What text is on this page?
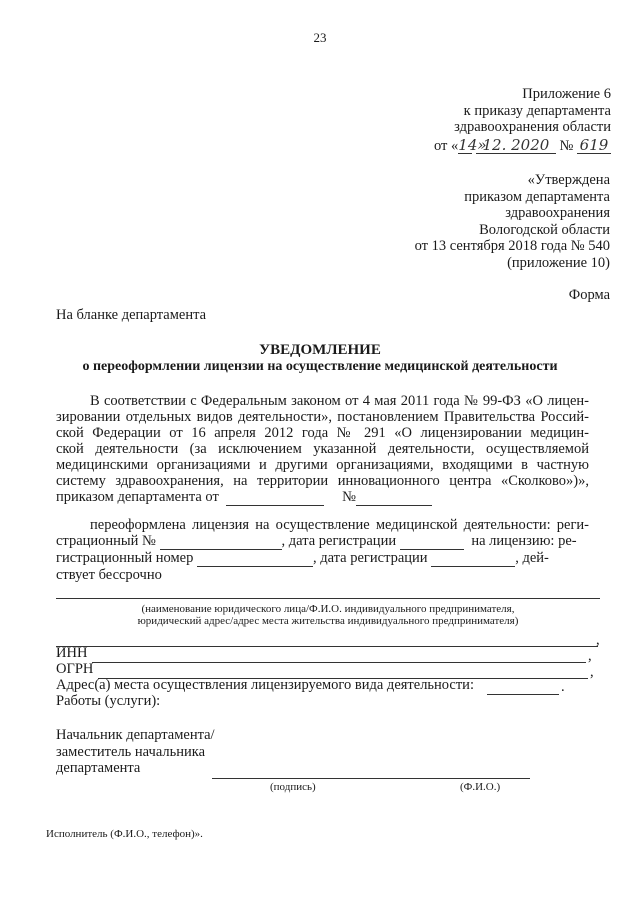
23
Приложение 6
к приказу департамента
здравоохранения области
от «14» 12. 2020 № 619
«Утверждена
приказом департамента
здравоохранения
Вологодской области
от 13 сентября 2018 года № 540
(приложение 10)
Форма
На бланке департамента
УВЕДОМЛЕНИЕ
о переоформлении лицензии на осуществление медицинской деятельности
В соответствии с Федеральным законом от 4 мая 2011 года № 99-ФЗ «О лицен-
зировании отдельных видов деятельности», постановлением Правительства Россий-
ской Федерации от 16 апреля 2012 года № 291 «О лицензировании медицин-
ской деятельности (за исключением указанной деятельности, осуществляемой
медицинскими организациями и другими организациями, входящими в частную
систему здравоохранения, на территории инновационного центра «Сколково»)»,
приказом департамента от	№
переоформлена лицензия на осуществление медицинской деятельности: реги-
страционный №	, дата регистрации	на лицензию: ре-
гистрационный номер	, дата регистрации	, дей-
ствует бессрочно
(наименование юридического лица/Ф.И.О. индивидуального предпринимателя,
юридический адрес/адрес места жительства индивидуального предпринимателя)
,
ИНН	,
ОГРН	,
Адрес(а) места осуществления лицензируемого вида деятельности:	.
Работы (услуги):
Начальник департамента/
заместитель начальника
департамента
(подпись)	(Ф.И.О.)
Исполнитель (Ф.И.О., телефон)».
